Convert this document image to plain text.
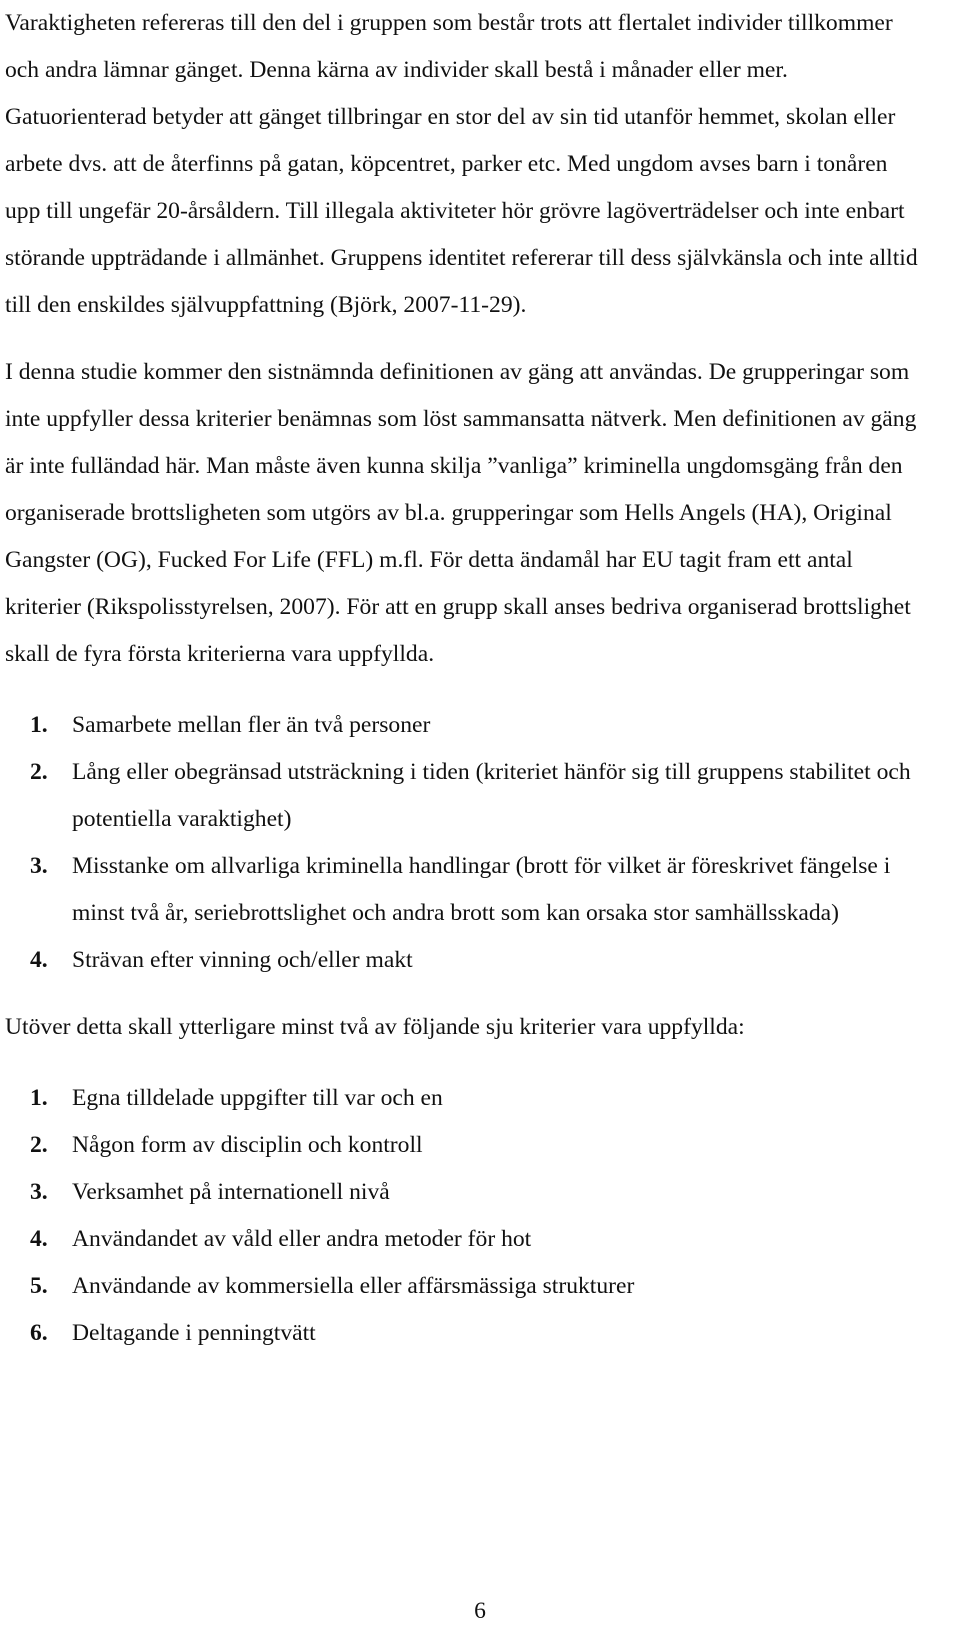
Varaktigheten refereras till den del i gruppen som består trots att flertalet individer tillkommer och andra lämnar gänget. Denna kärna av individer skall bestå i månader eller mer. Gatuorienterad betyder att gänget tillbringar en stor del av sin tid utanför hemmet, skolan eller arbete dvs. att de återfinns på gatan, köpcentret, parker etc. Med ungdom avses barn i tonåren upp till ungefär 20-årsåldern. Till illegala aktiviteter hör grövre lagöverträdelser och inte enbart störande uppträdande i allmänhet. Gruppens identitet refererar till dess självkänsla och inte alltid till den enskildes självuppfattning (Björk, 2007-11-29).

I denna studie kommer den sistnämnda definitionen av gäng att användas. De grupperingar som inte uppfyller dessa kriterier benämnas som löst sammansatta nätverk. Men definitionen av gäng är inte fulländad här. Man måste även kunna skilja ”vanliga” kriminella ungdomsgäng från den organiserade brottsligheten som utgörs av bl.a. grupperingar som Hells Angels (HA), Original Gangster (OG), Fucked For Life (FFL) m.fl. För detta ändamål har EU tagit fram ett antal kriterier (Rikspolisstyrelsen, 2007). För att en grupp skall anses bedriva organiserad brottslighet skall de fyra första kriterierna vara uppfyllda.

1. Samarbete mellan fler än två personer
2. Lång eller obegränsad utsträckning i tiden (kriteriet hänför sig till gruppens stabilitet och potentiella varaktighet)
3. Misstanke om allvarliga kriminella handlingar (brott för vilket är föreskrivet fängelse i minst två år, seriebrottslighet och andra brott som kan orsaka stor samhällsskada)
4. Strävan efter vinning och/eller makt

Utöver detta skall ytterligare minst två av följande sju kriterier vara uppfyllda:

1. Egna tilldelade uppgifter till var och en
2. Någon form av disciplin och kontroll
3. Verksamhet på internationell nivå
4. Användandet av våld eller andra metoder för hot
5. Användande av kommersiella eller affärsmässiga strukturer
6. Deltagande i penningtvätt
6
